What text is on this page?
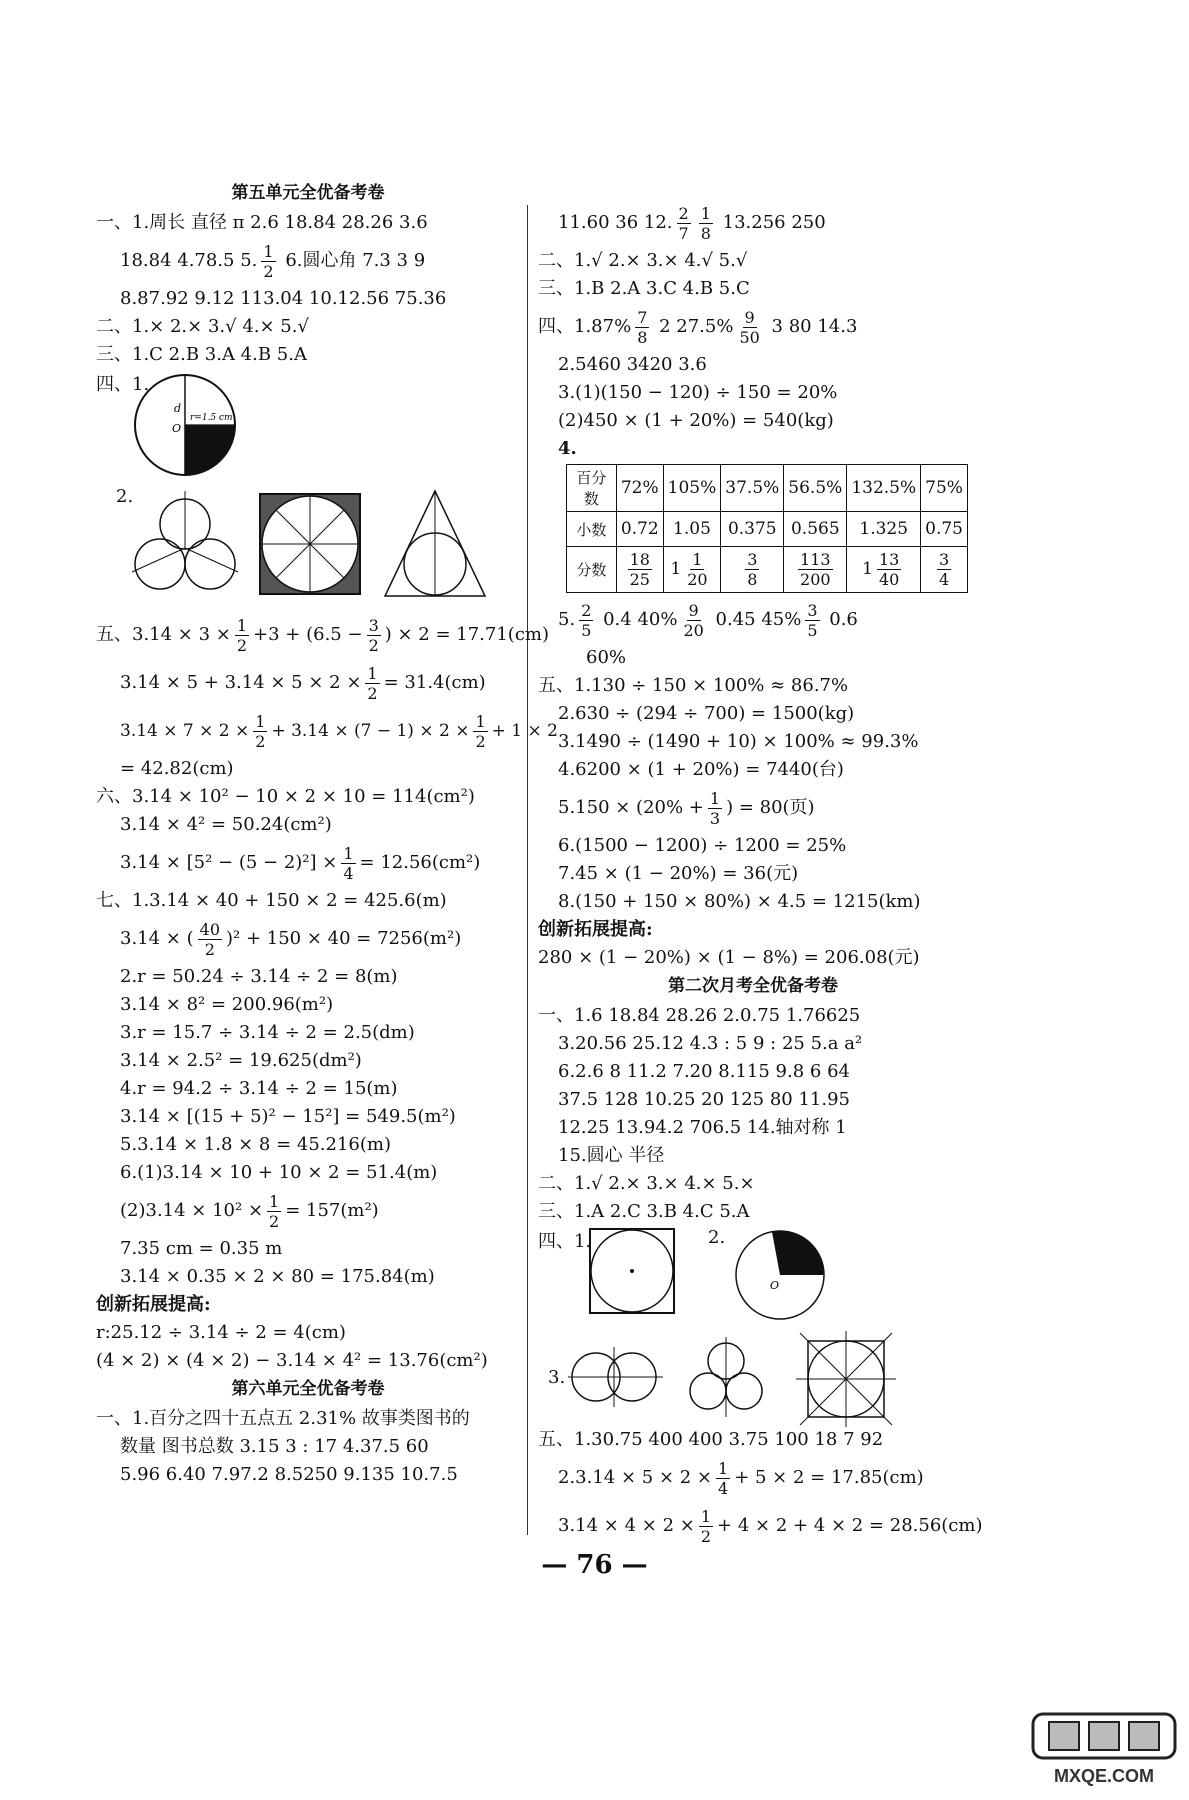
第五单元全优备考卷
一、1.周长 直径 π 2.6 18.84 28.26 3.6
18.84 4.78.5 5. $\frac{1}{2} 6$.圆心角 7.3 3 9
8.87.92 9.12 113.04 10.12.56 75.36
二、1.× 2.× 3.√ 4.× 5.√
三、1.C 2.B 3.A 4.B 5.A
四、1.
r=1.5 cm
d
O
2.
五、$3.14 \times 3 \times \frac{1}{2} +3 + (6.5 - \frac{3}{2}$ ) × 2 = 17.71(cm)
$3.14 \times 5 + 3.14 \times 5 \times 2 \times \frac{1}{2} = 31.4(cm)$
$3.14 \times 7 \times 2 \times \frac{1}{2} + 3.14 \times (7 - 1) \times 2 \times \frac{1}{2} + 1 \times 2$
= 42.82(cm)
六、3.14 × 10² − 10 × 2 × 10 = 114(cm²)
3.14 × 4² = 50.24(cm²)
$3.14 \times [5^2 - (5 - 2)^2] \times \frac{1}{4} = 12.56(cm^2)$
七、1.3.14 × 40 + 150 × 2 = 425.6(m)
3.14 × ( $\frac{40}{2} )^2 + 150 \times 40 = 7256(m^2)$
2.r = 50.24 ÷ 3.14 ÷ 2 = 8(m)
3.14 × 8² = 200.96(m²)
3.r = 15.7 ÷ 3.14 ÷ 2 = 2.5(dm)
3.14 × 2.5² = 19.625(dm²)
4.r = 94.2 ÷ 3.14 ÷ 2 = 15(m)
3.14 × [(15 + 5)² − 15²] = 549.5(m²)
5.3.14 × 1.8 × 8 = 45.216(m)
6.(1)3.14 × 10 + 10 × 2 = 51.4(m)
$(2)3.14 \times 10^2 \times \frac{1}{2} = 157(m^2)$
7.35 cm = 0.35 m
3.14 × 0.35 × 2 × 80 = 175.84(m)
创新拓展提高:
r:25.12 ÷ 3.14 ÷ 2 = 4(cm)
(4 × 2) × (4 × 2) − 3.14 × 4² = 13.76(cm²)
第六单元全优备考卷
一、1.百分之四十五点五 2.31% 故事类图书的
数量 图书总数 3.15 3 : 17 4.37.5 60
5.96 6.40 7.97.2 8.5250 9.135 10.7.5
11.60 36 12. $\frac{2}{7} \frac{1}{8} 13.256$ 250
二、1.√ 2.× 3.× 4.√ 5.√
三、1.B 2.A 3.C 4.B 5.C
四、$1.87\% \frac{7}{8} 2$ $27.5\% \frac{9}{50} 3$ 80 14.3
2.5460 3420 3.6
3.(1)(150 − 120) ÷ 150 = 20%
(2)450 × (1 + 20%) = 540(kg)
4.
百分数	72%	105%	37.5%	56.5%	132.5%	75%
小数	0.72	1.05	0.375	0.565	1.325	0.75
分数	$\frac{18}{25}$	$1 \frac{1}{20}$	$\frac{3}{8}$	$\frac{113}{200}$	$1 \frac{13}{40}$	$\frac{3}{4}$
5. $\frac{2}{5} 0.4$ $40\% \frac{9}{20} 0.45$ $45\% \frac{3}{5} 0.6$
60%
五、1.130 ÷ 150 × 100% ≈ 86.7%
2.630 ÷ (294 ÷ 700) = 1500(kg)
3.1490 ÷ (1490 + 10) × 100% ≈ 99.3%
4.6200 × (1 + 20%) = 7440(台)
$5.150 \times (20\% + \frac{1}{3}$ ) = 80(页)
6.(1500 − 1200) ÷ 1200 = 25%
7.45 × (1 − 20%) = 36(元)
8.(150 + 150 × 80%) × 4.5 = 1215(km)
创新拓展提高:
280 × (1 − 20%) × (1 − 8%) = 206.08(元)
第二次月考全优备考卷
一、1.6 18.84 28.26 2.0.75 1.76625
3.20.56 25.12 4.3 : 5 9 : 25 5.a a²
6.2.6 8 11.2 7.20 8.115 9.8 6 64
37.5 128 10.25 20 125 80 11.95
12.25 13.94.2 706.5 14.轴对称 1
15.圆心 半径
二、1.√ 2.× 3.× 4.× 5.×
三、1.A 2.C 3.B 4.C 5.A
四、1.	2.
O
3.
五、1.30.75 400 400 3.75 100 18 7 92
$2.3.14 \times 5 \times 2 \times \frac{1}{4} + 5 \times 2 = 17.85(cm)$
$3.14 \times 4 \times 2 \times \frac{1}{2} + 4 \times 2 + 4 \times 2 = 28.56(cm)$
— 76 —
MXQE.COM
